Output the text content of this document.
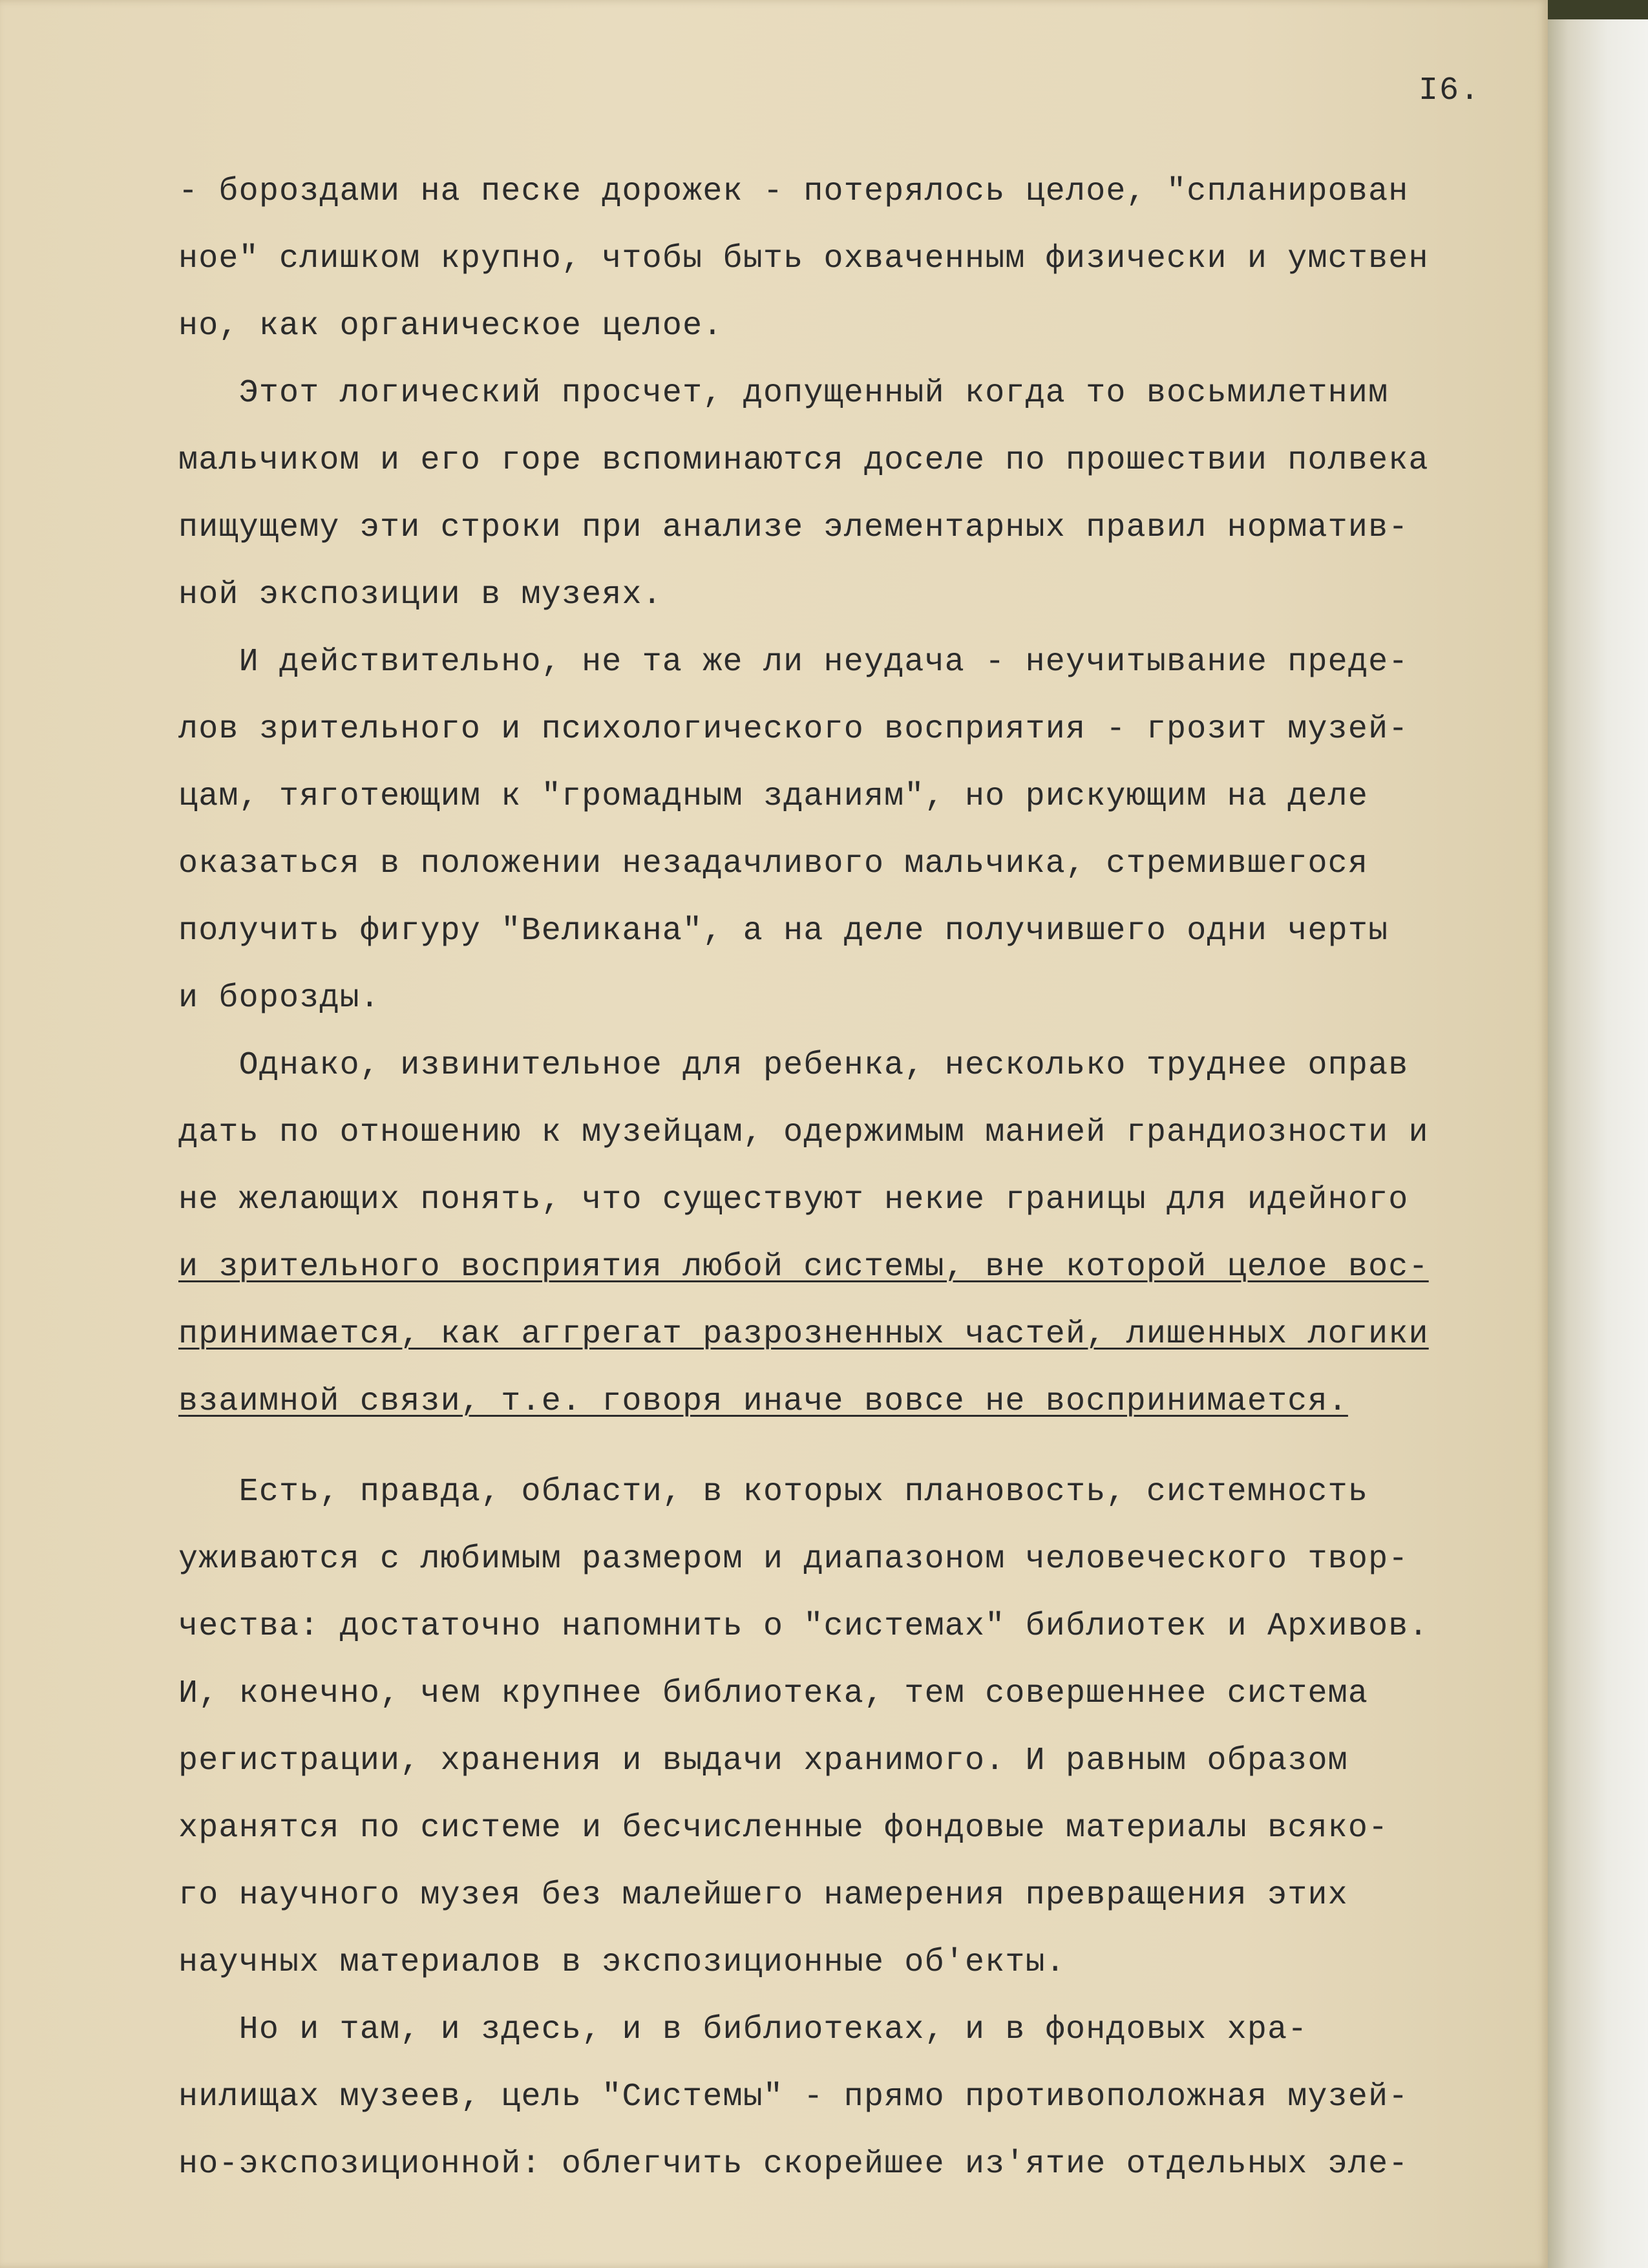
I6.
- бороздами на песке дорожек - потерялось целое, "спланирован
ное" слишком крупно, чтобы быть охваченным физически и умствен
но, как органическое целое.
Этот логический просчет, допущенный когда то восьмилетним
мальчиком и его горе вспоминаются доселе по прошествии полвека
пищущему эти строки при анализе элементарных правил норматив-
ной экспозиции в музеях.
И действительно, не та же ли неудача - неучитывание преде-
лов зрительного и психологического восприятия - грозит музей-
цам, тяготеющим к "громадным зданиям", но рискующим на деле
оказаться в положении незадачливого мальчика, стремившегося
получить фигуру "Великана", а на деле получившего одни черты
и борозды.
Однако, извинительное для ребенка, несколько труднее оправ
дать по отношению к музейцам, одержимым манией грандиозности и
не желающих понять, что существуют некие границы для идейного
и зрительного восприятия любой системы, вне которой целое вос-
принимается, как аггрегат разрозненных частей, лишенных логики
взаимной связи, т.е. говоря иначе вовсе не воспринимается.
Есть, правда, области, в которых плановость, системность
уживаются с любимым размером и диапазоном человеческого твор-
чества: достаточно напомнить о "системах" библиотек и Архивов.
И, конечно, чем крупнее библиотека, тем совершеннее система
регистрации, хранения и выдачи хранимого. И равным образом
хранятся по системе и бесчисленные фондовые материалы всяко-
го научного музея без малейшего намерения превращения этих
научных материалов в экспозиционные об'екты.
Но и там, и здесь, и в библиотеках, и в фондовых хра-
нилищах музеев, цель "Системы" - прямо противоположная музей-
но-экспозиционной: облегчить скорейшее из'ятие отдельных эле-
